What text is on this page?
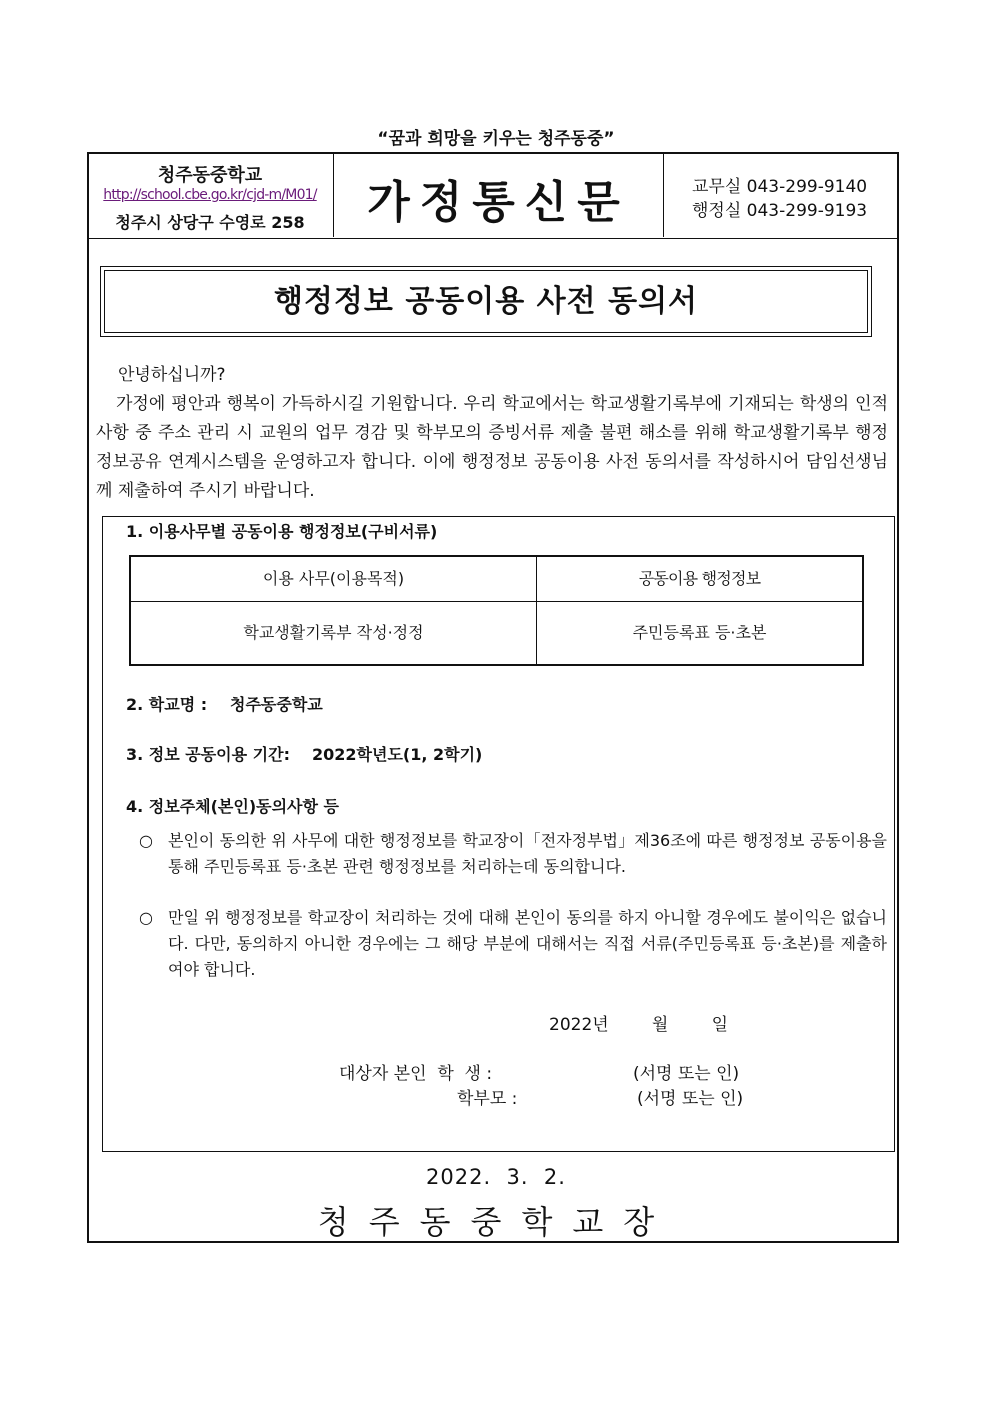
“꿈과 희망을 키우는 청주동중”
청주동중학교
http://school.cbe.go.kr/cjd-m/M01/
청주시 상당구 수영로 258	가정통신문	교무실 043-299-9140
행정실 043-299-9193
행정정보 공동이용 사전 동의서
안녕하십니까?
가정에 평안과 행복이 가득하시길 기원합니다. 우리 학교에서는 학교생활기록부에 기재되는 학생의 인적사항 중 주소 관리 시 교원의 업무 경감 및 학부모의 증빙서류 제출 불편 해소를 위해 학교생활기록부 행정정보공유 연계시스템을 운영하고자 합니다. 이에 행정정보 공동이용 사전 동의서를 작성하시어 담임선생님께 제출하여 주시기 바랍니다.
1. 이용사무별 공동이용 행정정보(구비서류)
이용 사무(이용목적)	공동이용 행정정보
학교생활기록부 작성·정정	주민등록표 등·초본
2. 학교명 : 청주동중학교
3. 정보 공동이용 기간: 2022학년도(1, 2학기)
4. 정보주체(본인)동의사항 등
○ 본인이 동의한 위 사무에 대한 행정정보를 학교장이「전자정부법」제36조에 따른 행정정보 공동이용을 통해 주민등록표 등·초본 관련 행정정보를 처리하는데 동의합니다.
○ 만일 위 행정정보를 학교장이 처리하는 것에 대해 본인이 동의를 하지 아니할 경우에도 불이익은 없습니다. 다만, 동의하지 아니한 경우에는 그 해당 부분에 대해서는 직접 서류(주민등록표 등·초본)를 제출하여야 합니다.
2022년        월        일
대상자 본인  학  생 :	(서명 또는 인)
학부모 :	(서명 또는 인)
2022.  3.  2.
청주동중학교장
